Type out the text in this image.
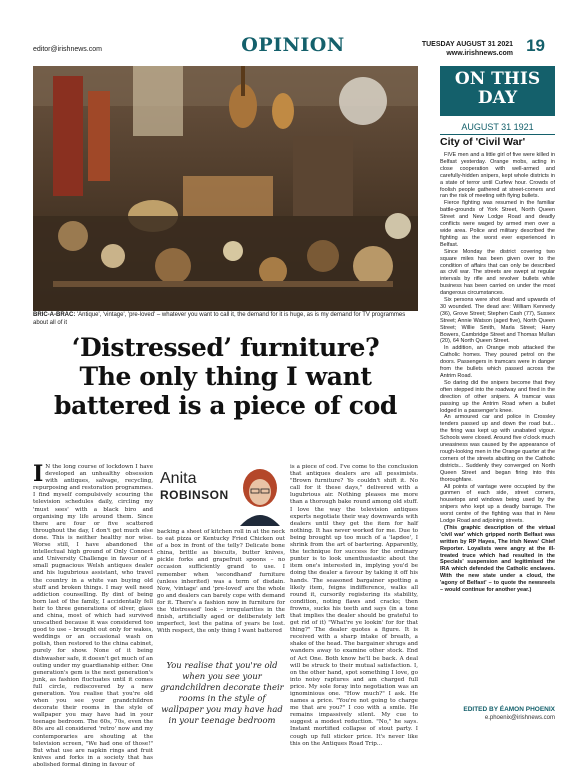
editor@irishnews.com	OPINION	TUESDAY AUGUST 31 2021
www.irishnews.com 19
BRIC-A-BRAC: 'Antique', 'vintage', 'pre-loved' – whatever you want to call it, the demand for it is huge, as is my demand for TV programmes about all of it
‘Distressed’ furniture?
The only thing I want
battered is a piece of cod
I N the long course of lockdown I have developed an unhealthy obsession with antiques, salvage, recycling, repurposing and restoration programmes. I find myself compulsively scouring the television schedules daily, circling my 'must sees' with a black biro and organising my life around them. Since there are four or five scattered throughout the day, I don't get much else done. This is neither healthy nor wise. Worse still, I have abandoned the intellectual high ground of Only Connect and University Challenge in favour of a small pugnacious Welsh antiques dealer and his lugubrious assistant, who travel the country in a white van buying old stuff and broken things. I may well need addiction counselling. By dint of being born last of the family, I accidentally fell heir to three generations of silver, glass and china, most of which had survived unscathed because it was considered too good to use – brought out only for wakes, weddings or an occasional wash on polish, then restored to the china cabinet, purely for show. None of it being dishwasher safe, it doesn't get much of an outing under my guardianship either. One generation's gem is the next generation's junk, as fashion fluctuates until it comes full circle, rediscovered by a new generation. You realise that you're old when you see your grandchildren decorate their rooms in the style of wallpaper you may have had in your teenage bedroom. The 60s, 70s, even the 80s are all considered 'retro' now and my contemporaries are shouting at the television screen, "We had one of those!" But what use are napkin rings and fruit knives and forks in a society that has abolished formal dining in favour of
Anita
ROBINSON
backing a sheet of kitchen roll in at the neck to eat pizza or Kentucky Fried Chicken out of a box in front of the telly? Delicate bone china, brittle as biscuits, butter knives, pickle forks and grapefruit spoons – no occasion sufficiently grand to use. I remember when 'secondhand' furniture (unless inherited) was a term of disdain. Now, 'vintage' and 'pre-loved' are the whole go and dealers can barely cope with demand for it. There's a fashion now in furniture for the 'distressed' look – irregularities in the finish, artificially aged or deliberately left imperfect, lest the patina of years be lost. With respect, the only thing I want battered
You realise that you're old when you see your grandchildren decorate their rooms in the style of wallpaper you may have had in your teenage bedroom
is a piece of cod. I've come to the conclusion that antiques dealers are all pessimists. "Brown furniture? Yo couldn't shift it. No call for it these days," delivered with a lugubrious air. Nothing pleases me more than a thorough bake round among old stuff. I love the way the television antiques experts negotiate their way downwards with dealers until they get the item for half nothing. It has never worked for me. Due to being brought up too much of a 'lapdee', I shrink from the art of bartering. Apparently, the technique for success for the ordinary punter is to look unenthusiastic about the item one's interested in, implying you'd be doing the dealer a favour by taking it off his hands. The seasoned bargainer spotting a likely item, feigns indifference, walks all round it, cursorily registering its stability, condition, noting flaws and cracks; then frowns, sucks his teeth and says (in a tone that implies the dealer should be grateful to get rid of it) "What're ye lookin' for for that thing?" The dealer quotes a figure. It is received with a sharp intake of breath, a shake of the head. The bargainer shrugs and wanders away to examine other stock. End of Act One. Both know he'll be back. A deal will be struck to their mutual satisfaction. I, on the other hand, spot something I love, go into noisy raptures and am charged full price. My sole foray into negotiation was an ignominious one. "How much?" I ask. He names a price. "You're not going to charge me that are you?" I coo with a smile. He remains impassively silent. My cue to suggest a modest reduction. "No," he says. Instant mortified collapse of stout party. I cough up full sticker price. It's never like this on the Antiques Road Trip...
ON THIS
DAY
AUGUST 31 1921
City of 'Civil War'

FIVE men and a little girl of five were killed in Belfast yesterday. Orange mobs, acting in close cooperation with well-armed and carefully-hidden snipers, kept whole districts in a state of terror until Curfew hour. Crowds of foolish people gathered at street-corners and ran the risk of meeting with flying bullets.

Fierce fighting was resumed in the familiar battle-grounds of York Street, North Queen Street and New Lodge Road and deadly conflicts were waged by armed men over a wide area. Police and military described the fighting as the worst ever experienced in Belfast.

Since Monday the district covering two square miles has been given over to the condition of affairs that can only be described as civil war. The streets are swept at regular intervals by rifle and revolver bullets while business has been carried on under the most dangerous circumstances.

Six persons were shot dead and upwards of 30 wounded. The dead are: William Kennedy (36), Grove Street; Stephen Cash (77), Sussex Street; Annie Watson (aged five), North Queen Street; Willie Smith, Marla Street; Harry Bowers, Cambridge Street and Thomas Mullan (20), 64 North Queen Street.

In addition, an Orange mob attacked the Catholic homes. They poured petrol on the doors. Passengers in tramcars were in danger from the bullets which passed across the Antrim Road.

So daring did the snipers become that they often stepped into the roadway and fired in the direction of other snipers. A tramcar was passing up the Antrim Road when a bullet lodged in a passenger's knee.

An armoured car and police in Crossley tenders passed up and down the road but... the firing was kept up with unabated vigour. Schools were closed. Around five o'clock much uneasiness was caused by the appearance of rough-looking men in the Orange quarter at the corners of the streets abutting on the Catholic districts... Suddenly they converged on North Queen Street and began firing into this thoroughfare.

All points of vantage were occupied by the gunmen of each side, street corners, housetops and windows being used by the snipers who kept up a deadly barrage. The worst centre of the fighting was that in New Lodge Road and adjoining streets.

(This graphic description of the virtual 'civil war' which gripped north Belfast was written by RP Hayes, The Irish News' Chief Reporter. Loyalists were angry at the ill-treated truce which had resulted in the Specials' suspension and legitimised the IRA which defended the Catholic enclaves. With the new state under a cloud, the 'agony of Belfast' – to quote the newsreels – would continue for another year.)

EDITED BY ÉAMON PHOENIX
e.phoenix@irishnews.com
